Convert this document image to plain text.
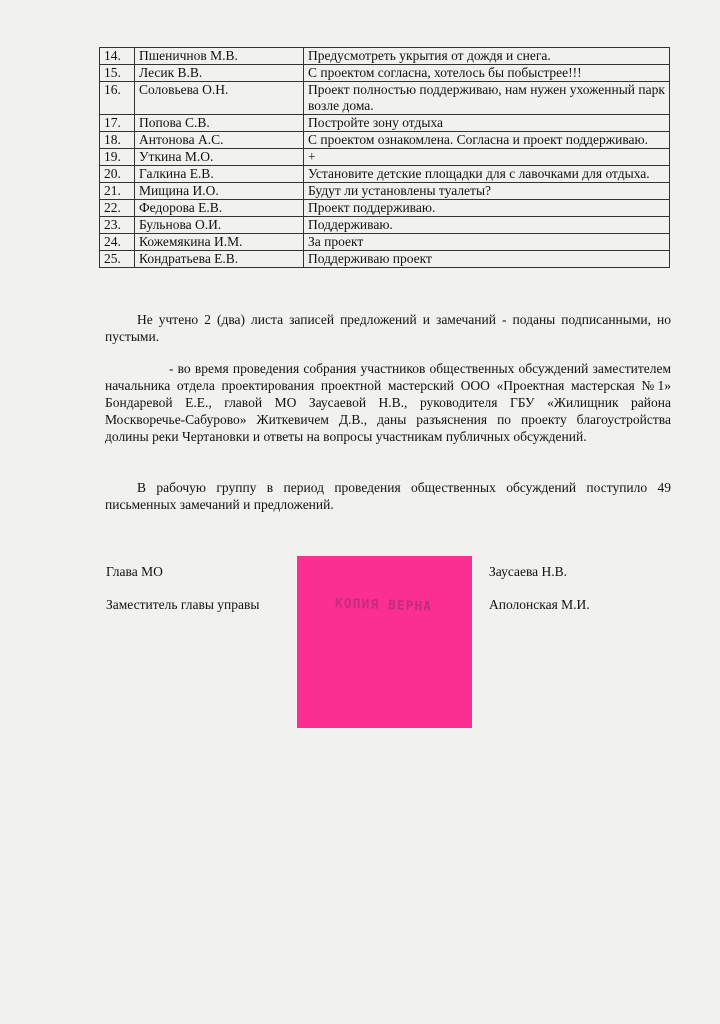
14.	Пшеничнов М.В.	Предусмотреть укрытия от дождя и снега.
15.	Лесик В.В.	С проектом согласна, хотелось бы побыстрее!!!
16.	Соловьева О.Н.	Проект полностью поддерживаю, нам нужен ухоженный парк возле дома.
17.	Попова С.В.	Постройте зону отдыха
18.	Антонова А.С.	С проектом ознакомлена. Согласна и проект поддерживаю.
19.	Уткина М.О.	+
20.	Галкина Е.В.	Установите детские площадки для с лавочками для отдыха.
21.	Мищина И.О.	Будут ли установлены туалеты?
22.	Федорова Е.В.	Проект поддерживаю.
23.	Бульнова О.И.	Поддерживаю.
24.	Кожемякина И.М.	За проект
25.	Кондратьева Е.В.	Поддерживаю проект

Не учтено 2 (два) листа записей предложений и замечаний - поданы подписанными, но пустыми.

- во время проведения собрания участников общественных обсуждений заместителем начальника отдела проектирования проектной мастерский ООО «Проектная мастерская №1» Бондаревой Е.Е., главой МО Заусаевой Н.В., руководителя ГБУ «Жилищник района Москворечье-Сабурово» Житкевичем Д.В., даны разъяснения по проекту благоустройства долины реки Чертановки и ответы на вопросы участникам публичных обсуждений.

В рабочую группу в период проведения общественных обсуждений поступило 49 письменных замечаний и предложений.

Глава МО
Заместитель главы управы
Заусаева Н.В.
Аполонская М.И.
КОПИЯ ВЕРНА
